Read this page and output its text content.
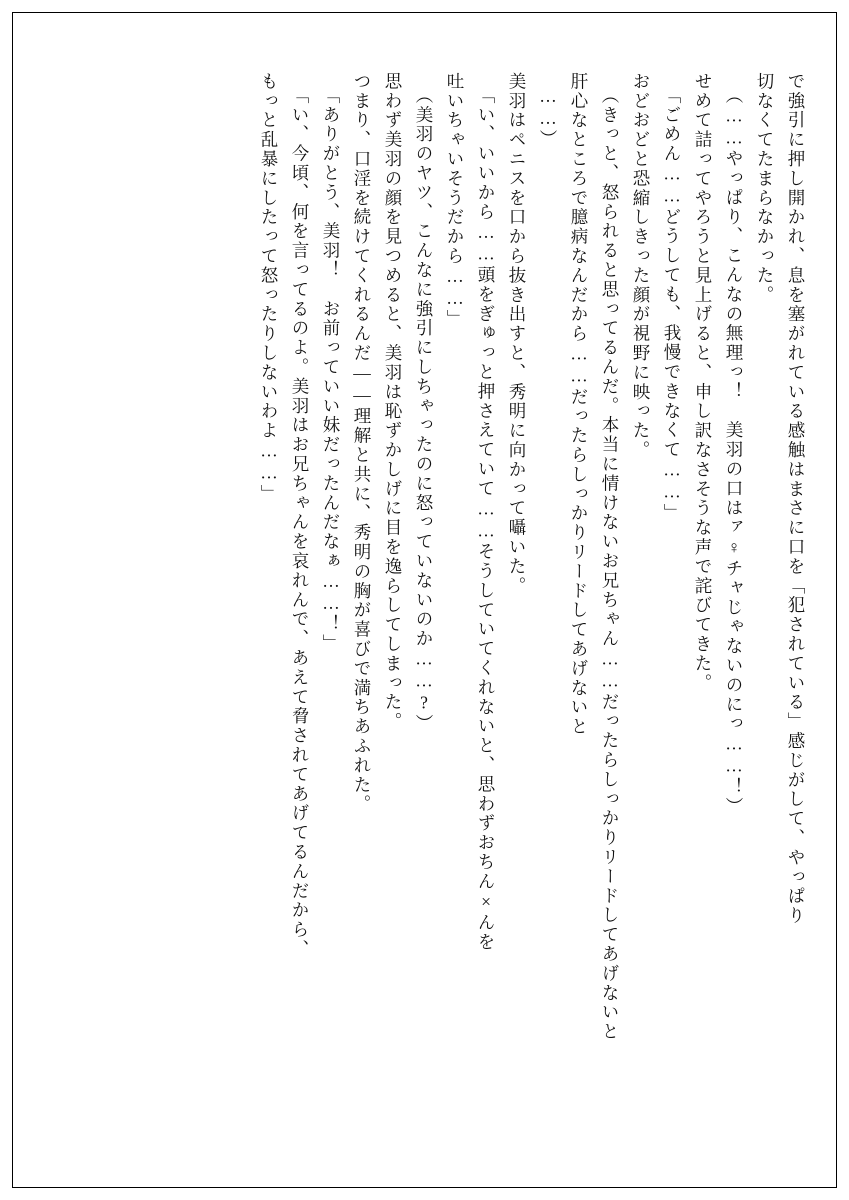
で強引に押し開かれ、息を塞がれている感触はまさに口を「犯されている」感じがして、やっぱり
切なくてたまらなかった。
（……やっぱり、こんなの無理っ！　美羽の口はァ♀チャじゃないのにっ……！）
せめて詰ってやろうと見上げると、申し訳なさそうな声で詫びてきた。
「ごめん……どうしても、我慢できなくて……」
おどおどと恐縮しきった顔が視野に映った。
（きっと、怒られると思ってるんだ。本当に情けないお兄ちゃん……だったらしっかりリードしてあげないと
肝心なところで臆病なんだから……だったらしっかりリードしてあげないと
……）
美羽はペニスを口から抜き出すと、秀明に向かって囁いた。
「い、いいから……頭をぎゅっと押さえていて……そうしていてくれないと、思わずおちん×んを
吐いちゃいそうだから……」
（美羽のヤツ、こんなに強引にしちゃったのに怒っていないのか……?）
思わず美羽の顔を見つめると、美羽は恥ずかしげに目を逸らしてしまった。
つまり、口淫を続けてくれるんだ――理解と共に、秀明の胸が喜びで満ちあふれた。
「ありがとう、美羽！　お前っていい妹だったんだなぁ……！」
「い、今頃、何を言ってるのよ。美羽はお兄ちゃんを哀れんで、あえて脅されてあげてるんだから、
もっと乱暴にしたって怒ったりしないわよ……」
